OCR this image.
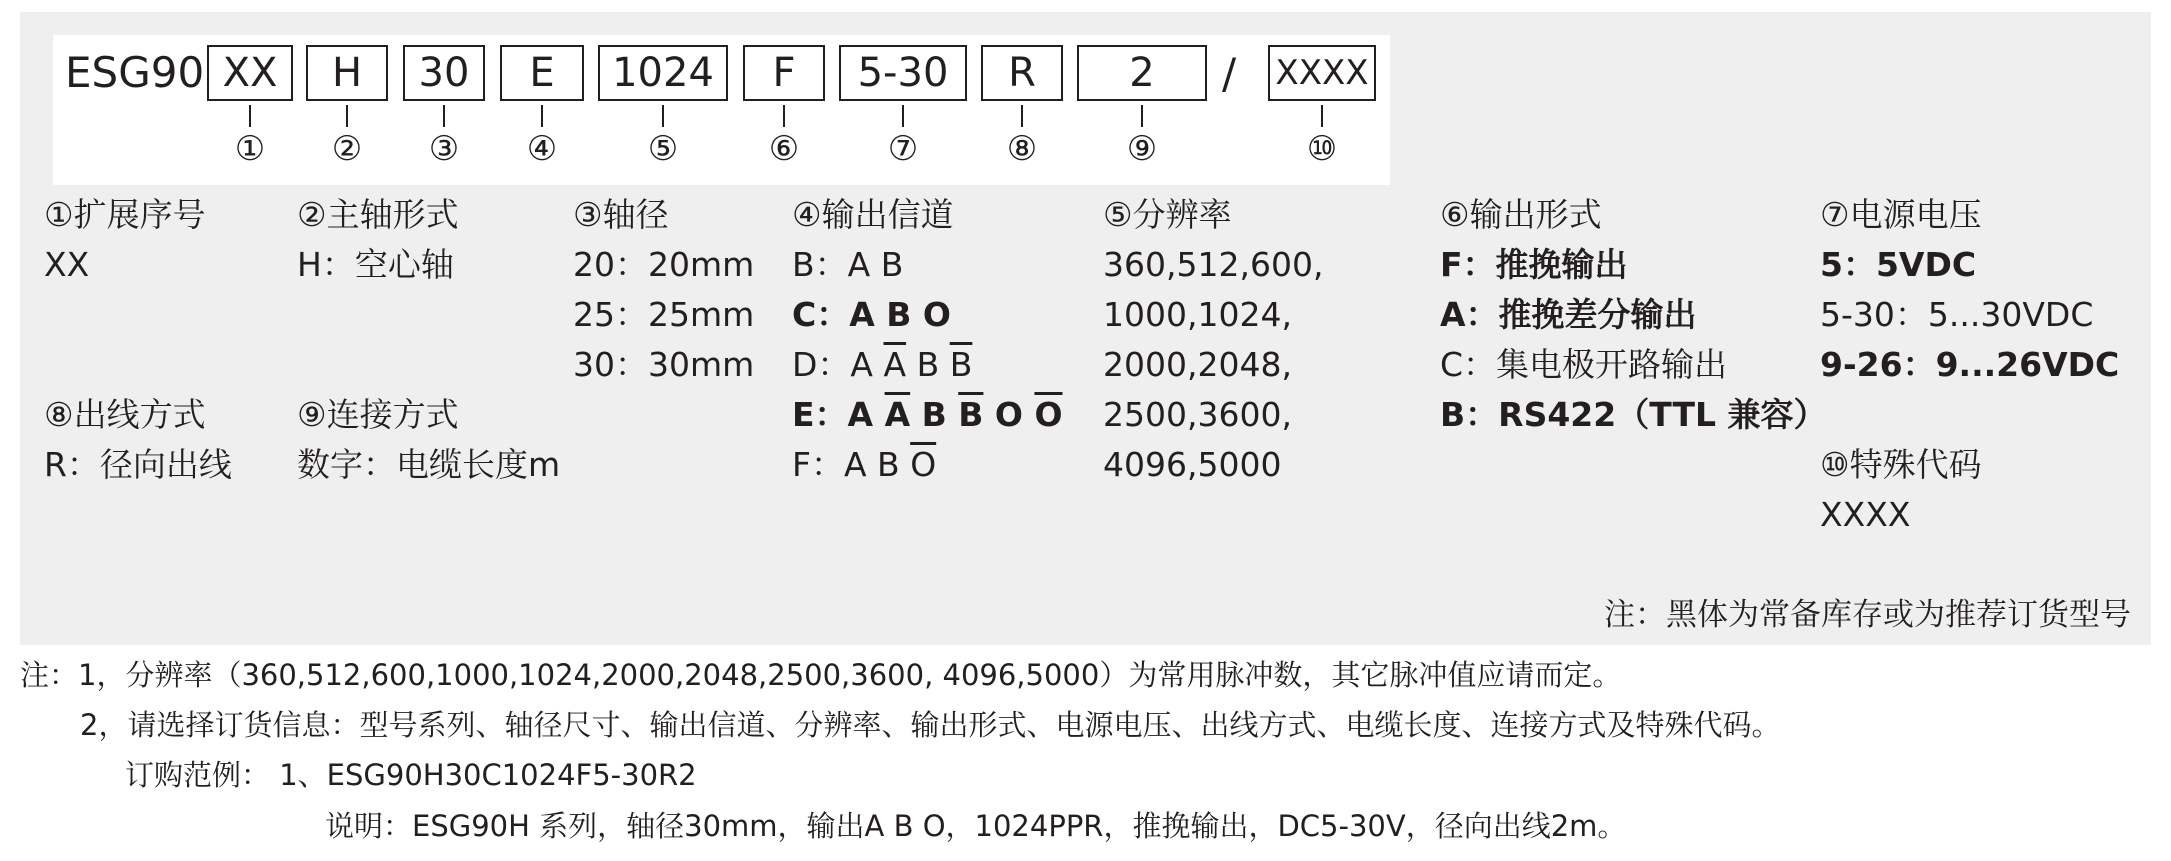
ESG90 XX	H	30	E	1024	F	5-30	R	2	/ XXXX
① ② ③ ④	⑤	⑥	⑦	⑧	⑨	⑩
①扩展序号
XX
⑧出线方式
R：径向出线
②主轴形式
H：空心轴
⑨连接方式
数字：电缆长度m
③轴径
20：20mm
25：25mm
30：30mm
④输出信道
B：A B
C：A B O
D：A $\overline{A}$ B $\overline{B}$
E：A $\overline{A}$ B $\overline{B}$ O $\overline{O}$
F：A B $\overline{O}$
⑤分辨率
360,512,600,
1000,1024,
2000,2048,
2500,3600,
4096,5000
⑥输出形式
F：推挽输出
A：推挽差分输出
C：集电极开路输出
B：RS422（TTL 兼容）
⑦电源电压
5：5VDC
5-30：5...30VDC
9-26：9...26VDC
⑩特殊代码
XXXX
注：黑体为常备库存或为推荐订货型号
注：1，分辨率（360,512,600,1000,1024,2000,2048,2500,3600, 4096,5000）为常用脉冲数，其它脉冲值应请而定。
2，请选择订货信息：型号系列、轴径尺寸、输出信道、分辨率、输出形式、电源电压、出线方式、电缆长度、连接方式及特殊代码。
订购范例： 1、ESG90H30C1024F5-30R2
说明：ESG90H 系列，轴径30mm，输出A B O，1024PPR，推挽输出，DC5-30V，径向出线2m。
